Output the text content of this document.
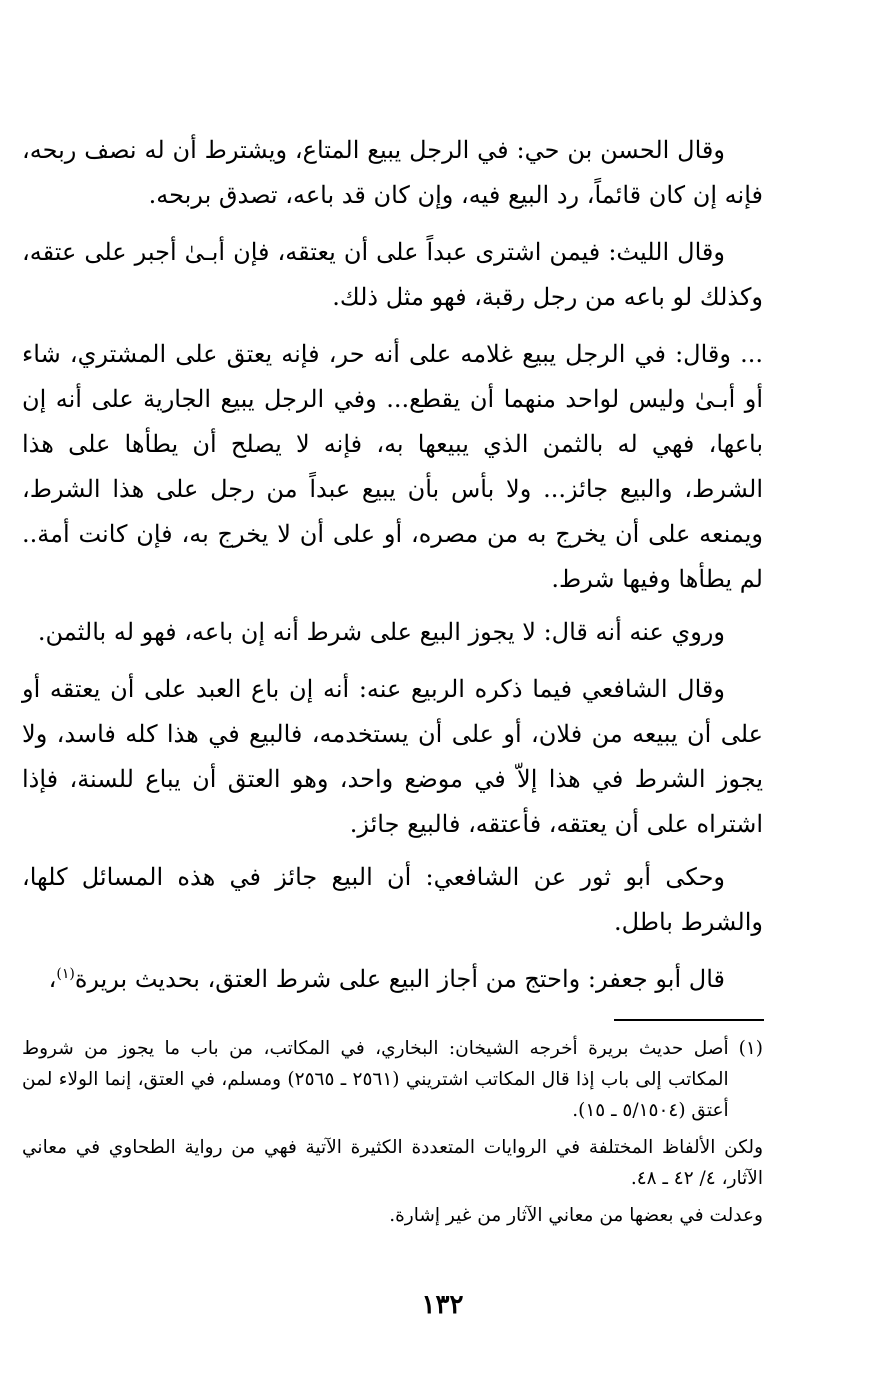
وقال الحسن بن حي: في الرجل يبيع المتاع، ويشترط أن له نصف ربحه، فإنه إن كان قائماً، رد البيع فيه، وإن كان قد باعه، تصدق بربحه.

وقال الليث: فيمن اشترى عبداً على أن يعتقه، فإن أبـىٰ أجبر على عتقه، وكذلك لو باعه من رجل رقبة، فهو مثل ذلك.

... وقال: في الرجل يبيع غلامه على أنه حر، فإنه يعتق على المشتري، شاء أو أبـىٰ وليس لواحد منهما أن يقطع... وفي الرجل يبيع الجارية على أنه إن باعها، فهي له بالثمن الذي يبيعها به، فإنه لا يصلح أن يطأها على هذا الشرط، والبيع جائز... ولا بأس بأن يبيع عبداً من رجل على هذا الشرط، ويمنعه على أن يخرج به من مصره، أو على أن لا يخرج به، فإن كانت أمة.. لم يطأها وفيها شرط.

وروي عنه أنه قال: لا يجوز البيع على شرط أنه إن باعه، فهو له بالثمن.

وقال الشافعي فيما ذكره الربيع عنه: أنه إن باع العبد على أن يعتقه أو على أن يبيعه من فلان، أو على أن يستخدمه، فالبيع في هذا كله فاسد، ولا يجوز الشرط في هذا إلاّ في موضع واحد، وهو العتق أن يباع للسنة، فإذا اشتراه على أن يعتقه، فأعتقه، فالبيع جائز.

وحكى أبو ثور عن الشافعي: أن البيع جائز في هذه المسائل كلها، والشرط باطل.

قال أبو جعفر: واحتج من أجاز البيع على شرط العتق، بحديث بريرة$^{(١)}$،

(١)
أصل حديث بريرة أخرجه الشيخان: البخاري، في المكاتب، من باب ما يجوز من شروط المكاتب إلى باب إذا قال المكاتب اشتريني (٢٥٦١ ـ ٢٥٦٥) ومسلم، في العتق، إنما الولاء لمن أعتق (٥/١٥٠٤ ـ ١٥).

ولكن الألفاظ المختلفة في الروايات المتعددة الكثيرة الآتية فهي من رواية الطحاوي في معاني الآثار، ٤/ ٤٢ ـ ٤٨.

وعدلت في بعضها من معاني الآثار من غير إشارة.

١٣٢
